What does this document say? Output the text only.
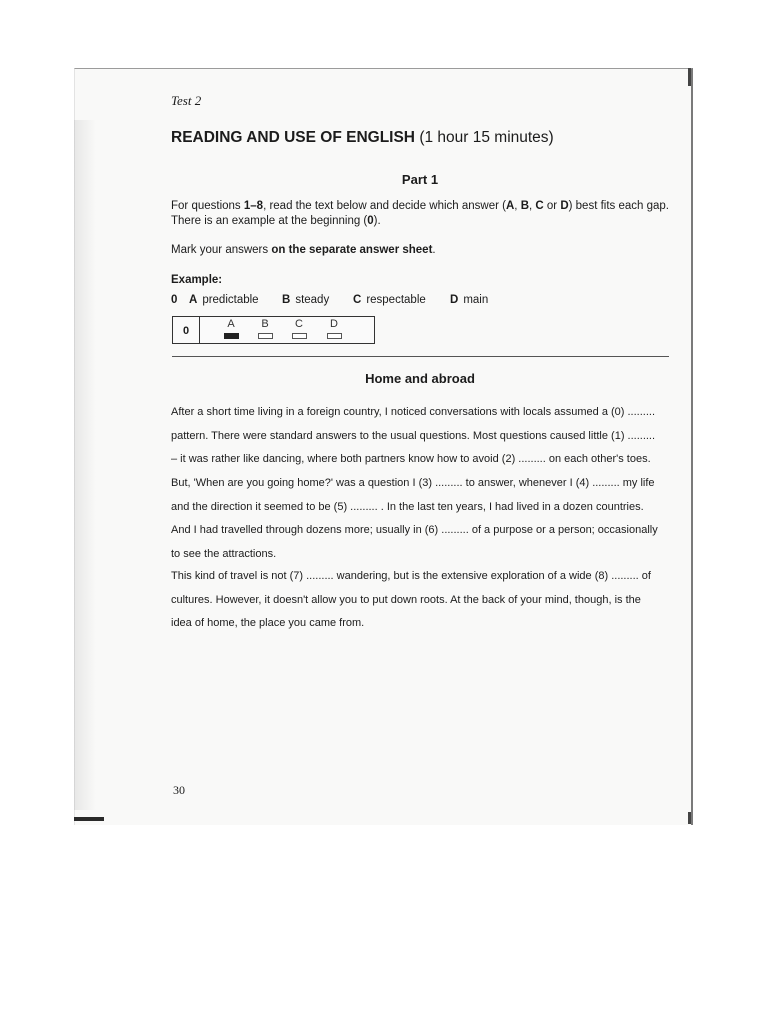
Test 2

READING AND USE OF ENGLISH (1 hour 15 minutes)

Part 1

For questions 1–8, read the text below and decide which answer (A, B, C or D) best fits each gap.
There is an example at the beginning (0).

Mark your answers on the separate answer sheet.

Example:

0 A predictable B steady C respectable D main

0
A	B	C	D

Home and abroad

After a short time living in a foreign country, I noticed conversations with locals assumed a (0) .........
pattern. There were standard answers to the usual questions. Most questions caused little (1) .........
– it was rather like dancing, where both partners know how to avoid (2) ......... on each other's toes.
But, 'When are you going home?' was a question I (3) ......... to answer, whenever I (4) ......... my life
and the direction it seemed to be (5) ......... . In the last ten years, I had lived in a dozen countries.
And I had travelled through dozens more; usually in (6) ......... of a purpose or a person; occasionally
to see the attractions.
This kind of travel is not (7) ......... wandering, but is the extensive exploration of a wide (8) ......... of
cultures. However, it doesn't allow you to put down roots. At the back of your mind, though, is the
idea of home, the place you came from.

30
